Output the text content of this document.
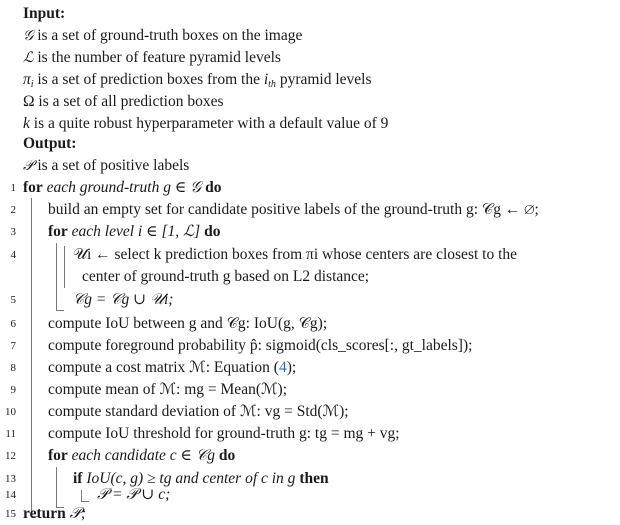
Input:
𝒢 is a set of ground-truth boxes on the image
ℒ is the number of feature pyramid levels
$\pi_i$ is a set of prediction boxes from the $i_{th}$ pyramid levels
Ω is a set of all prediction boxes
k is a quite robust hyperparameter with a default value of 9
Output:
𝒫 is a set of positive labels
1 for each ground-truth g ∈ 𝒢 do
2 build an empty set for candidate positive labels of the ground-truth g: 𝒞g ← ∅;
3 for each level i ∈ [1, ℒ] do
4	𝒰i ← select k prediction boxes from πi whose centers are closest to the
center of ground-truth g based on L2 distance;
5	𝒞g = 𝒞g ∪ 𝒰i;
6 compute IoU between g and 𝒞g: IoU(g, 𝒞g);
7 compute foreground probability p̂: sigmoid(cls_scores[:, gt_labels]);
8 compute a cost matrix ℳ: Equation (4);
9 compute mean of ℳ: mg = Mean(ℳ);
10 compute standard deviation of ℳ: vg = Std(ℳ);
11 compute IoU threshold for ground-truth g: tg = mg + vg;
12 for each candidate c ∈ 𝒞g do
13	if IoU(c, g) ≥ tg and center of c in g then
14	𝒫 = 𝒫 ∪ c;
15 return 𝒫;
